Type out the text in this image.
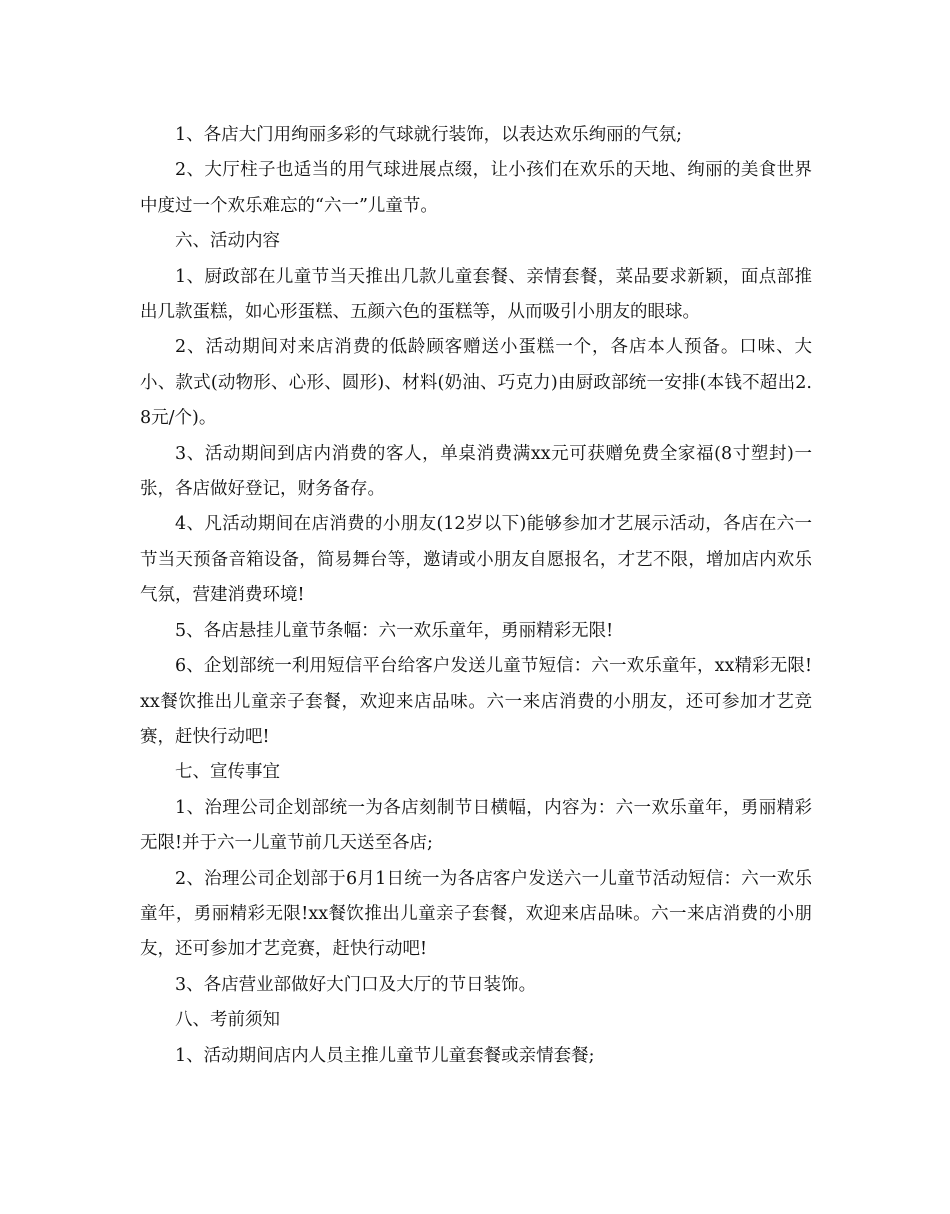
1、各店大门用绚丽多彩的气球就行装饰，以表达欢乐绚丽的气氛;

2、大厅柱子也适当的用气球进展点缀，让小孩们在欢乐的天地、绚丽的美食世界中度过一个欢乐难忘的“六一”儿童节。

六、活动内容

1、厨政部在儿童节当天推出几款儿童套餐、亲情套餐，菜品要求新颖，面点部推出几款蛋糕，如心形蛋糕、五颜六色的蛋糕等，从而吸引小朋友的眼球。

2、活动期间对来店消费的低龄顾客赠送小蛋糕一个，各店本人预备。口味、大小、款式(动物形、心形、圆形)、材料(奶油、巧克力)由厨政部统一安排(本钱不超出2.8元/个)。

3、活动期间到店内消费的客人，单桌消费满xx元可获赠免费全家福(8寸塑封)一张，各店做好登记，财务备存。

4、凡活动期间在店消费的小朋友(12岁以下)能够参加才艺展示活动，各店在六一节当天预备音箱设备，简易舞台等，邀请或小朋友自愿报名，才艺不限，增加店内欢乐气氛，营建消费环境!

5、各店悬挂儿童节条幅：六一欢乐童年，勇丽精彩无限!

6、企划部统一利用短信平台给客户发送儿童节短信：六一欢乐童年，xx精彩无限!xx餐饮推出儿童亲子套餐，欢迎来店品味。六一来店消费的小朋友，还可参加才艺竞赛，赶快行动吧!

七、宣传事宜

1、治理公司企划部统一为各店刻制节日横幅，内容为：六一欢乐童年，勇丽精彩无限!并于六一儿童节前几天送至各店;

2、治理公司企划部于6月1日统一为各店客户发送六一儿童节活动短信：六一欢乐童年，勇丽精彩无限!xx餐饮推出儿童亲子套餐，欢迎来店品味。六一来店消费的小朋友，还可参加才艺竞赛，赶快行动吧!

3、各店营业部做好大门口及大厅的节日装饰。

八、考前须知

1、活动期间店内人员主推儿童节儿童套餐或亲情套餐;
